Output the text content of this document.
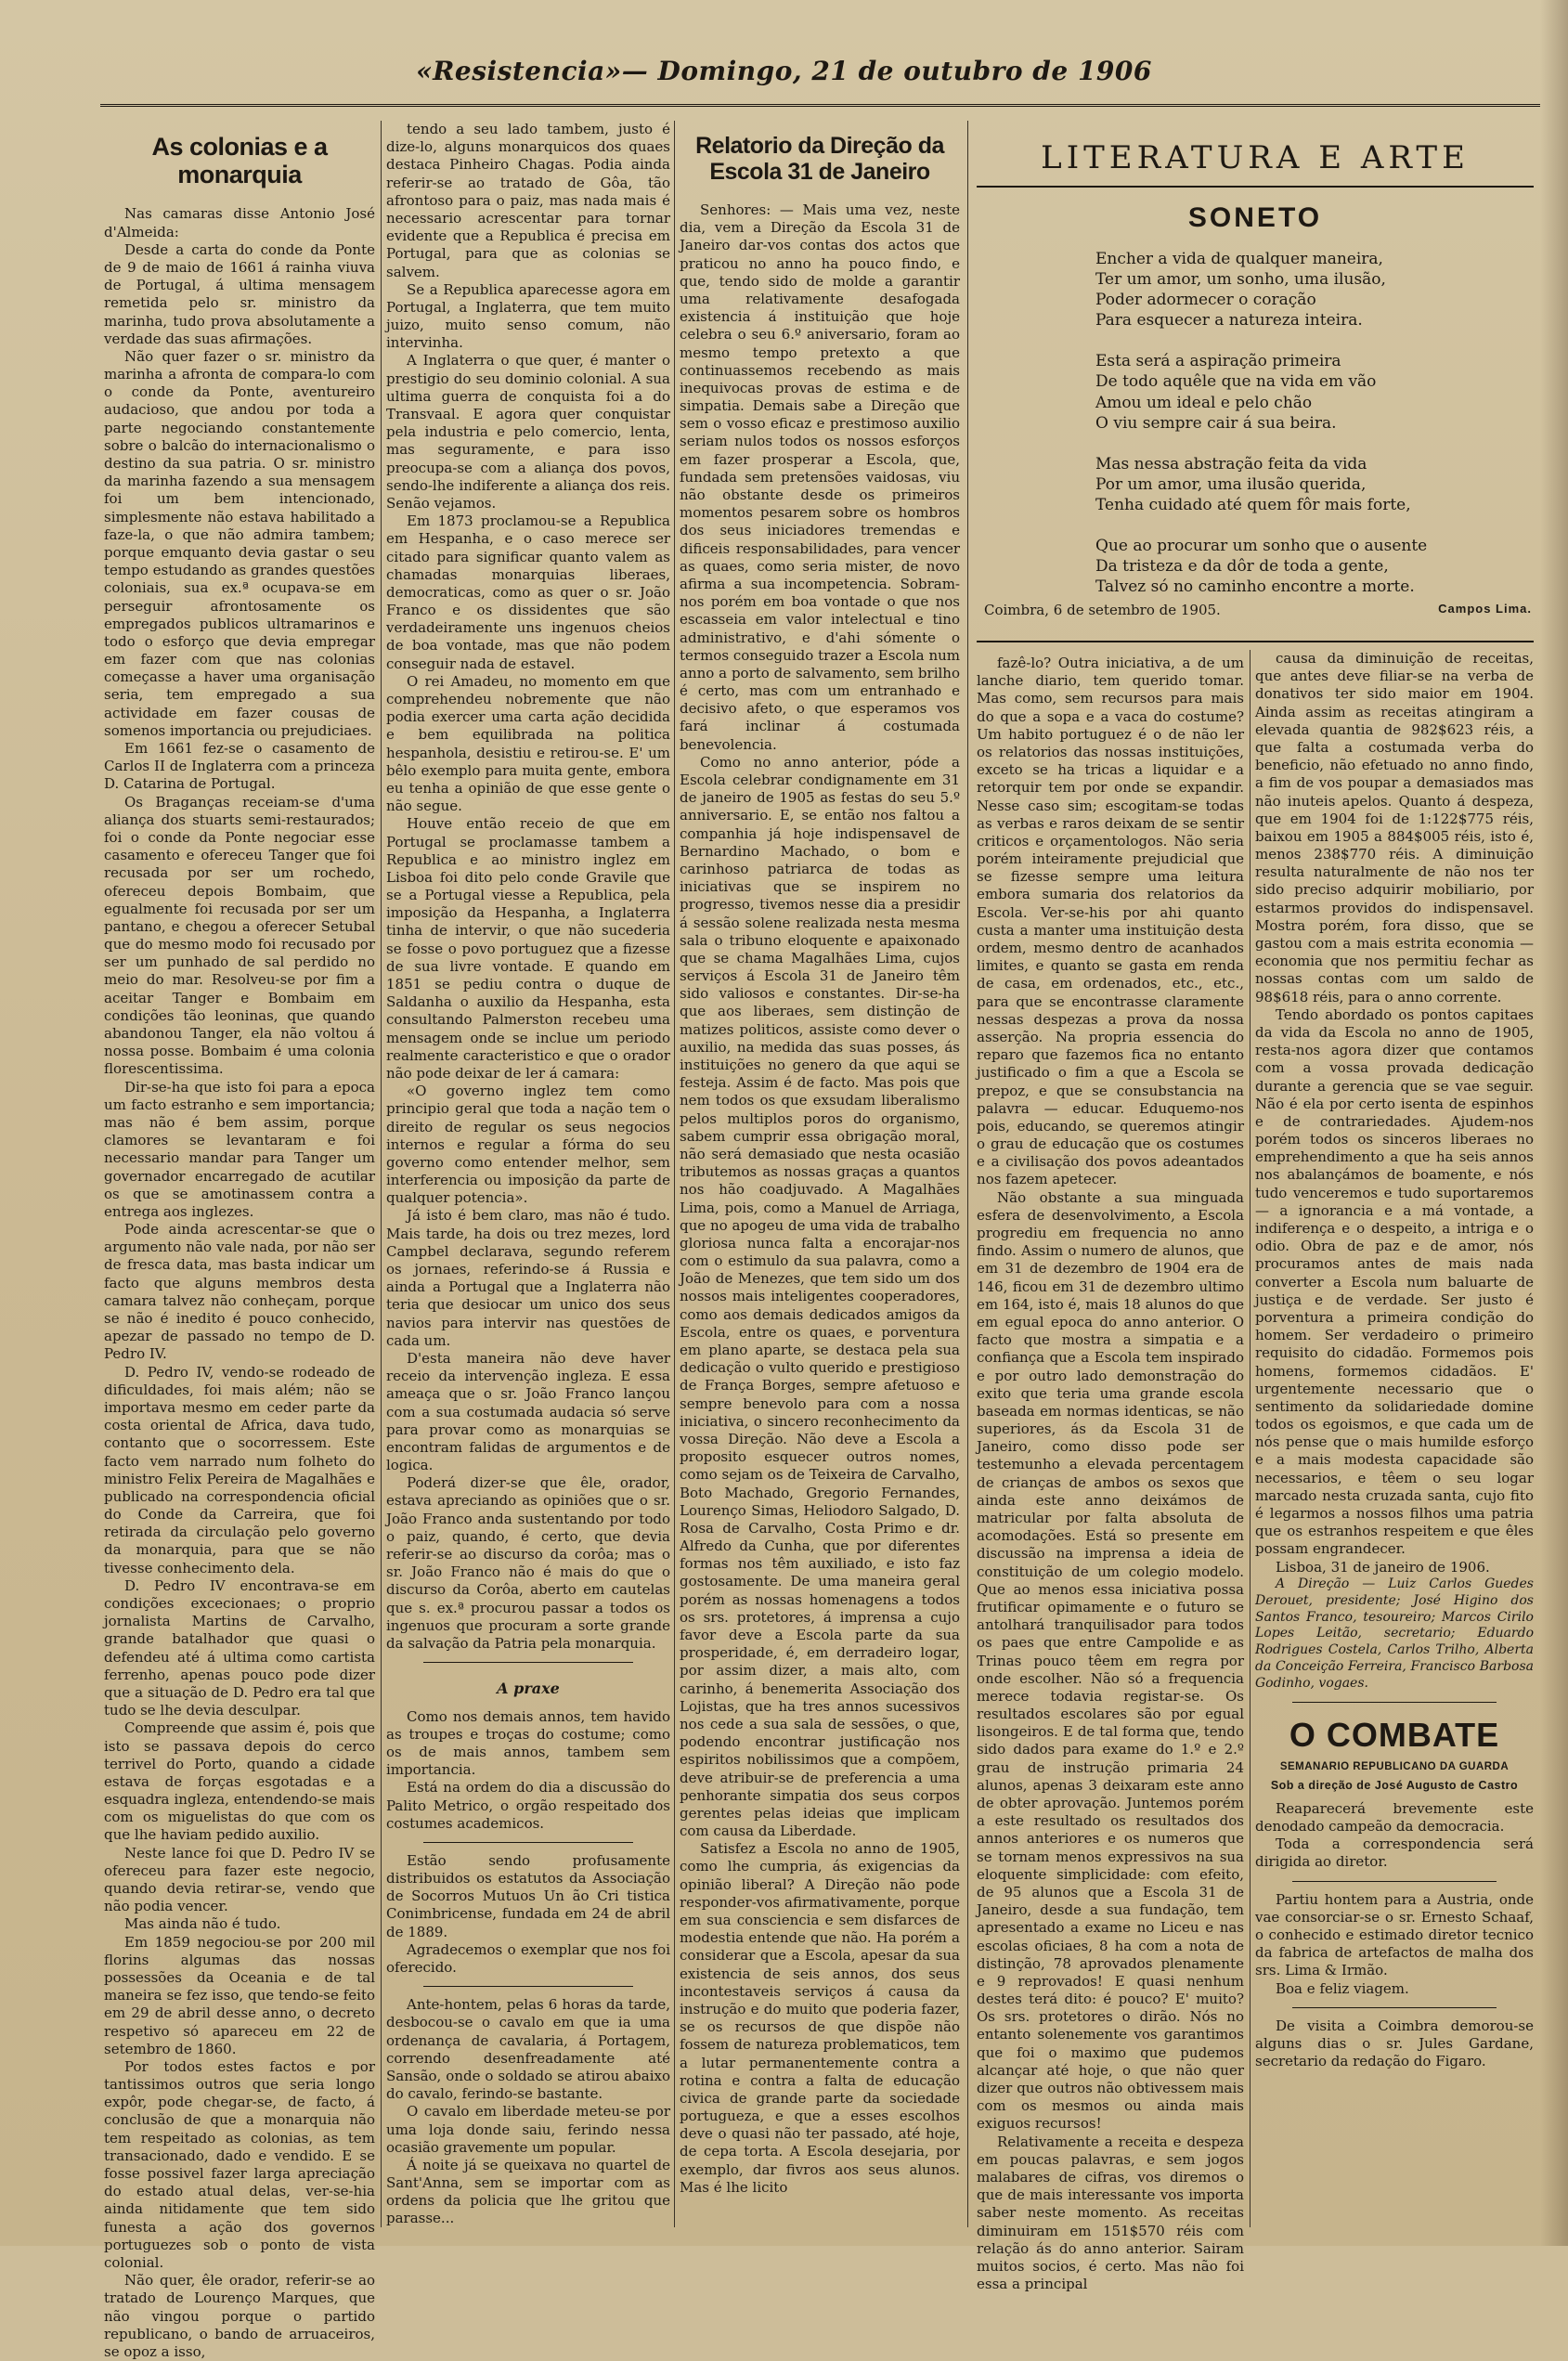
«Resistencia»— Domingo, 21 de outubro de 1906
As colonias e a monarquia

Nas camaras disse Antonio José d'Almeida:

Desde a carta do conde da Ponte de 9 de maio de 1661 á rainha viuva de Portugal, á ultima mensagem remetida pelo sr. ministro da marinha, tudo prova absolutamente a verdade das suas afirmações.

Não quer fazer o sr. ministro da marinha a afronta de compara-lo com o conde da Ponte, aventureiro audacioso, que andou por toda a parte negociando constantemente sobre o balcão do internacionalismo o destino da sua patria. O sr. ministro da marinha fazendo a sua mensagem foi um bem intencionado, simplesmente não estava habilitado a faze-la, o que não admira tambem; porque emquanto devia gastar o seu tempo estudando as grandes questões coloniais, sua ex.ª ocupava-se em perseguir afrontosamente os empregados publicos ultramarinos e todo o esforço que devia empregar em fazer com que nas colonias começasse a haver uma organisação seria, tem empregado a sua actividade em fazer cousas de somenos importancia ou prejudiciaes.

Em 1661 fez-se o casamento de Carlos II de Inglaterra com a princeza D. Catarina de Portugal.

Os Braganças receiam-se d'uma aliança dos stuarts semi-restaurados; foi o conde da Ponte negociar esse casamento e ofereceu Tanger que foi recusada por ser um rochedo, ofereceu depois Bombaim, que egualmente foi recusada por ser um pantano, e chegou a oferecer Setubal que do mesmo modo foi recusado por ser um punhado de sal perdido no meio do mar. Resolveu-se por fim a aceitar Tanger e Bombaim em condições tão leoninas, que quando abandonou Tanger, ela não voltou á nossa posse. Bombaim é uma colonia florescentissima.

Dir-se-ha que isto foi para a epoca um facto estranho e sem importancia; mas não é bem assim, porque clamores se levantaram e foi necessario mandar para Tanger um governador encarregado de acutilar os que se amotinassem contra a entrega aos inglezes.

Pode ainda acrescentar-se que o argumento não vale nada, por não ser de fresca data, mas basta indicar um facto que alguns membros desta camara talvez não conheçam, porque se não é inedito é pouco conhecido, apezar de passado no tempo de D. Pedro IV.

D. Pedro IV, vendo-se rodeado de dificuldades, foi mais além; não se importava mesmo em ceder parte da costa oriental de Africa, dava tudo, contanto que o socorressem. Este facto vem narrado num folheto do ministro Felix Pereira de Magalhães e publicado na correspondencia oficial do Conde da Carreira, que foi retirada da circulação pelo governo da monarquia, para que se não tivesse conhecimento dela.

D. Pedro IV encontrava-se em condições excecionaes; o proprio jornalista Martins de Carvalho, grande batalhador que quasi o defendeu até á ultima como cartista ferrenho, apenas pouco pode dizer que a situação de D. Pedro era tal que tudo se lhe devia desculpar.

Compreende que assim é, pois que isto se passava depois do cerco terrivel do Porto, quando a cidade estava de forças esgotadas e a esquadra ingleza, entendendo-se mais com os miguelistas do que com os que lhe haviam pedido auxilio.

Neste lance foi que D. Pedro IV se ofereceu para fazer este negocio, quando devia retirar-se, vendo que não podia vencer.

Mas ainda não é tudo.

Em 1859 negociou-se por 200 mil florins algumas das nossas possessões da Oceania e de tal maneira se fez isso, que tendo-se feito em 29 de abril desse anno, o decreto respetivo só apareceu em 22 de setembro de 1860.

Por todos estes factos e por tantissimos outros que seria longo expôr, pode chegar-se, de facto, á conclusão de que a monarquia não tem respeitado as colonias, as tem transacionado, dado e vendido. E se fosse possivel fazer larga apreciação do estado atual delas, ver-se-hia ainda nitidamente que tem sido funesta a ação dos governos portuguezes sob o ponto de vista colonial.

Não quer, êle orador, referir-se ao tratado de Lourenço Marques, que não vingou porque o partido republicano, o bando de arruaceiros, se opoz a isso,

tendo a seu lado tambem, justo é dize-lo, alguns monarquicos dos quaes destaca Pinheiro Chagas. Podia ainda referir-se ao tratado de Gôa, tão afrontoso para o paiz, mas nada mais é necessario acrescentar para tornar evidente que a Republica é precisa em Portugal, para que as colonias se salvem.

Se a Republica aparecesse agora em Portugal, a Inglaterra, que tem muito juizo, muito senso comum, não intervinha.

A Inglaterra o que quer, é manter o prestigio do seu dominio colonial. A sua ultima guerra de conquista foi a do Transvaal. E agora quer conquistar pela industria e pelo comercio, lenta, mas seguramente, e para isso preocupa-se com a aliança dos povos, sendo-lhe indiferente a aliança dos reis. Senão vejamos.

Em 1873 proclamou-se a Republica em Hespanha, e o caso merece ser citado para significar quanto valem as chamadas monarquias liberaes, democraticas, como as quer o sr. João Franco e os dissidentes que são verdadeiramente uns ingenuos cheios de boa vontade, mas que não podem conseguir nada de estavel.

O rei Amadeu, no momento em que comprehendeu nobremente que não podia exercer uma carta ação decidida e bem equilibrada na politica hespanhola, desistiu e retirou-se. E' um bêlo exemplo para muita gente, embora eu tenha a opinião de que esse gente o não segue.

Houve então receio de que em Portugal se proclamasse tambem a Republica e ao ministro inglez em Lisboa foi dito pelo conde Gravile que se a Portugal viesse a Republica, pela imposição da Hespanha, a Inglaterra tinha de intervir, o que não sucederia se fosse o povo portuguez que a fizesse de sua livre vontade. E quando em 1851 se pediu contra o duque de Saldanha o auxilio da Hespanha, esta consultando Palmerston recebeu uma mensagem onde se inclue um periodo realmente caracteristico e que o orador não pode deixar de ler á camara:

«O governo inglez tem como principio geral que toda a nação tem o direito de regular os seus negocios internos e regular a fórma do seu governo como entender melhor, sem interferencia ou imposição da parte de qualquer potencia».

Já isto é bem claro, mas não é tudo. Mais tarde, ha dois ou trez mezes, lord Campbel declarava, segundo referem os jornaes, referindo-se á Russia e ainda a Portugal que a Inglaterra não teria que desiocar um unico dos seus navios para intervir nas questões de cada um.

D'esta maneira não deve haver receio da intervenção ingleza. E essa ameaça que o sr. João Franco lançou com a sua costumada audacia só serve para provar como as monarquias se encontram falidas de argumentos e de logica.

Poderá dizer-se que êle, orador, estava apreciando as opiniões que o sr. João Franco anda sustentando por todo o paiz, quando, é certo, que devia referir-se ao discurso da corôa; mas o sr. João Franco não é mais do que o discurso da Corôa, aberto em cautelas que s. ex.ª procurou passar a todos os ingenuos que procuram a sorte grande da salvação da Patria pela monarquia.

A praxe

Como nos demais annos, tem havido as troupes e troças do costume; como os de mais annos, tambem sem importancia.

Está na ordem do dia a discussão do Palito Metrico, o orgão respeitado dos costumes academicos.

Estão sendo profusamente distribuidos os estatutos da Associação de Socorros Mutuos Un ão Cri tistica Conimbricense, fundada em 24 de abril de 1889.

Agradecemos o exemplar que nos foi oferecido.

Ante-hontem, pelas 6 horas da tarde, desbocou-se o cavalo em que ia uma ordenança de cavalaria, á Portagem, correndo desenfreadamente até Sansão, onde o soldado se atirou abaixo do cavalo, ferindo-se bastante.

O cavalo em liberdade meteu-se por uma loja donde saiu, ferindo nessa ocasião gravemente um popular.

Á noite já se queixava no quartel de Sant'Anna, sem se importar com as ordens da policia que lhe gritou que parasse...

Relatorio da Direção da Escola 31 de Janeiro

Senhores: — Mais uma vez, neste dia, vem a Direção da Escola 31 de Janeiro dar-vos contas dos actos que praticou no anno ha pouco findo, e que, tendo sido de molde a garantir uma relativamente desafogada existencia á instituição que hoje celebra o seu 6.º aniversario, foram ao mesmo tempo pretexto a que continuassemos recebendo as mais inequivocas provas de estima e de simpatia. Demais sabe a Direção que sem o vosso eficaz e prestimoso auxilio seriam nulos todos os nossos esforços em fazer prosperar a Escola, que, fundada sem pretensões vaidosas, viu não obstante desde os primeiros momentos pesarem sobre os hombros dos seus iniciadores tremendas e dificeis responsabilidades, para vencer as quaes, como seria mister, de novo afirma a sua incompetencia. Sobram-nos porém em boa vontade o que nos escasseia em valor intelectual e tino administrativo, e d'ahi sómente o termos conseguido trazer a Escola num anno a porto de salvamento, sem brilho é certo, mas com um entranhado e decisivo afeto, o que esperamos vos fará inclinar á costumada benevolencia.

Como no anno anterior, póde a Escola celebrar condignamente em 31 de janeiro de 1905 as festas do seu 5.º anniversario. E, se então nos faltou a companhia já hoje indispensavel de Bernardino Machado, o bom e carinhoso patriarca de todas as iniciativas que se inspirem no progresso, tivemos nesse dia a presidir á sessão solene realizada nesta mesma sala o tribuno eloquente e apaixonado que se chama Magalhães Lima, cujos serviços á Escola 31 de Janeiro têm sido valiosos e constantes. Dir-se-ha que aos liberaes, sem distinção de matizes politicos, assiste como dever o auxilio, na medida das suas posses, ás instituições no genero da que aqui se festeja. Assim é de facto. Mas pois que nem todos os que exsudam liberalismo pelos multiplos poros do organismo, sabem cumprir essa obrigação moral, não será demasiado que nesta ocasião tributemos as nossas graças a quantos nos hão coadjuvado. A Magalhães Lima, pois, como a Manuel de Arriaga, que no apogeu de uma vida de trabalho gloriosa nunca falta a encorajar-nos com o estimulo da sua palavra, como a João de Menezes, que tem sido um dos nossos mais inteligentes cooperadores, como aos demais dedicados amigos da Escola, entre os quaes, e porventura em plano aparte, se destaca pela sua dedicação o vulto querido e prestigioso de França Borges, sempre afetuoso e sempre benevolo para com a nossa iniciativa, o sincero reconhecimento da vossa Direção. Não deve a Escola a proposito esquecer outros nomes, como sejam os de Teixeira de Carvalho, Boto Machado, Gregorio Fernandes, Lourenço Simas, Heliodoro Salgado, D. Rosa de Carvalho, Costa Primo e dr. Alfredo da Cunha, que por diferentes formas nos têm auxiliado, e isto faz gostosamente. De uma maneira geral porém as nossas homenagens a todos os srs. protetores, á imprensa a cujo favor deve a Escola parte da sua prosperidade, é, em derradeiro logar, por assim dizer, a mais alto, com carinho, á benemerita Associação dos Lojistas, que ha tres annos sucessivos nos cede a sua sala de sessões, o que, podendo encontrar justificação nos espiritos nobilissimos que a compõem, deve atribuir-se de preferencia a uma penhorante simpatia dos seus corpos gerentes pelas ideias que implicam com causa da Liberdade.

Satisfez a Escola no anno de 1905, como lhe cumpria, ás exigencias da opinião liberal? A Direção não pode responder-vos afirmativamente, porque em sua consciencia e sem disfarces de modestia entende que não. Ha porém a considerar que a Escola, apesar da sua existencia de seis annos, dos seus incontestaveis serviços á causa da instrução e do muito que poderia fazer, se os recursos de que dispõe não fossem de natureza problematicos, tem a lutar permanentemente contra a rotina e contra a falta de educação civica de grande parte da sociedade portugueza, e que a esses escolhos deve o quasi não ter passado, até hoje, de cepa torta. A Escola desejaria, por exemplo, dar fivros aos seus alunos. Mas é lhe licito

LITERATURA E ARTE
SONETO
Encher a vida de qualquer maneira,
Ter um amor, um sonho, uma ilusão,
Poder adormecer o coração
Para esquecer a natureza inteira.
Esta será a aspiração primeira
De todo aquêle que na vida em vão
Amou um ideal e pelo chão
O viu sempre cair á sua beira.
Mas nessa abstração feita da vida
Por um amor, uma ilusão querida,
Tenha cuidado até quem fôr mais forte,
Que ao procurar um sonho que o ausente
Da tristeza e da dôr de toda a gente,
Talvez só no caminho encontre a morte.
Coimbra, 6 de setembro de 1905.	Campos Lima.

fazê-lo? Outra iniciativa, a de um lanche diario, tem querido tomar. Mas como, sem recursos para mais do que a sopa e a vaca do costume? Um habito portuguez é o de não ler os relatorios das nossas instituições, exceto se ha tricas a liquidar e a retorquir tem por onde se expandir. Nesse caso sim; escogitam-se todas as verbas e raros deixam de se sentir criticos e orçamentologos. Não seria porém inteiramente prejudicial que se fizesse sempre uma leitura embora sumaria dos relatorios da Escola. Ver-se-his por ahi quanto custa a manter uma instituição desta ordem, mesmo dentro de acanhados limites, e quanto se gasta em renda de casa, em ordenados, etc., etc., para que se encontrasse claramente nessas despezas a prova da nossa asserção. Na propria essencia do reparo que fazemos fica no entanto justificado o fim a que a Escola se prepoz, e que se consubstancia na palavra — educar. Eduquemo-nos pois, educando, se queremos atingir o grau de educação que os costumes e a civilisação dos povos adeantados nos fazem apetecer.

Não obstante a sua minguada esfera de desenvolvimento, a Escola progrediu em frequencia no anno findo. Assim o numero de alunos, que em 31 de dezembro de 1904 era de 146, ficou em 31 de dezembro ultimo em 164, isto é, mais 18 alunos do que em egual epoca do anno anterior. O facto que mostra a simpatia e a confiança que a Escola tem inspirado e por outro lado demonstração do exito que teria uma grande escola baseada em normas identicas, se não superiores, ás da Escola 31 de Janeiro, como disso pode ser testemunho a elevada percentagem de crianças de ambos os sexos que ainda este anno deixámos de matricular por falta absoluta de acomodações. Está so presente em discussão na imprensa a ideia de constituição de um colegio modelo. Que ao menos essa iniciativa possa frutificar opimamente e o futuro se antolhará tranquilisador para todos os paes que entre Campolide e as Trinas pouco têem em regra por onde escolher. Não só a frequencia merece todavia registar-se. Os resultados escolares são por egual lisongeiros. E de tal forma que, tendo sido dados para exame do 1.º e 2.º grau de instrução primaria 24 alunos, apenas 3 deixaram este anno de obter aprovação. Juntemos porém a este resultado os resultados dos annos anteriores e os numeros que se tornam menos expressivos na sua eloquente simplicidade: com efeito, de 95 alunos que a Escola 31 de Janeiro, desde a sua fundação, tem apresentado a exame no Liceu e nas escolas oficiaes, 8 ha com a nota de distinção, 78 aprovados plenamente e 9 reprovados! E quasi nenhum destes terá dito: é pouco? E' muito? Os srs. protetores o dirão. Nós no entanto solenemente vos garantimos que foi o maximo que pudemos alcançar até hoje, o que não quer dizer que outros não obtivessem mais com os mesmos ou ainda mais exiguos recursos!

Relativamente a receita e despeza em poucas palavras, e sem jogos malabares de cifras, vos diremos o que de mais interessante vos importa saber neste momento. As receitas diminuiram em 151$570 réis com relação ás do anno anterior. Sairam muitos socios, é certo. Mas não foi essa a principal

causa da diminuição de receitas, que antes deve filiar-se na verba de donativos ter sido maior em 1904. Ainda assim as receitas atingiram a elevada quantia de 982$623 réis, a que falta a costumada verba do beneficio, não efetuado no anno findo, a fim de vos poupar a demasiados mas não inuteis apelos. Quanto á despeza, que em 1904 foi de 1:122$775 réis, baixou em 1905 a 884$005 réis, isto é, menos 238$770 réis. A diminuição resulta naturalmente de não nos ter sido preciso adquirir mobiliario, por estarmos providos do indispensavel. Mostra porém, fora disso, que se gastou com a mais estrita economia — economia que nos permitiu fechar as nossas contas com um saldo de 98$618 réis, para o anno corrente.

Tendo abordado os pontos capitaes da vida da Escola no anno de 1905, resta-nos agora dizer que contamos com a vossa provada dedicação durante a gerencia que se vae seguir. Não é ela por certo isenta de espinhos e de contrariedades. Ajudem-nos porém todos os sinceros liberaes no emprehendimento a que ha seis annos nos abalançámos de boamente, e nós tudo venceremos e tudo suportaremos — a ignorancia e a má vontade, a indiferença e o despeito, a intriga e o odio. Obra de paz e de amor, nós procuramos antes de mais nada converter a Escola num baluarte de justiça e de verdade. Ser justo é porventura a primeira condição do homem. Ser verdadeiro o primeiro requisito do cidadão. Formemos pois homens, formemos cidadãos. E' urgentemente necessario que o sentimento da solidariedade domine todos os egoismos, e que cada um de nós pense que o mais humilde esforço e a mais modesta capacidade são necessarios, e têem o seu logar marcado nesta cruzada santa, cujo fito é legarmos a nossos filhos uma patria que os estranhos respeitem e que êles possam engrandecer.

Lisboa, 31 de janeiro de 1906.

A Direção — Luiz Carlos Guedes Derouet, presidente; José Higino dos Santos Franco, tesoureiro; Marcos Cirilo Lopes Leitão, secretario; Eduardo Rodrigues Costela, Carlos Trilho, Alberta da Conceição Ferreira, Francisco Barbosa Godinho, vogaes.

O COMBATE
SEMANARIO REPUBLICANO DA GUARDA
Sob a direção de José Augusto de Castro

Reaparecerá brevemente este denodado campeão da democracia.

Toda a correspondencia será dirigida ao diretor.

Partiu hontem para a Austria, onde vae consorciar-se o sr. Ernesto Schaaf, o conhecido e estimado diretor tecnico da fabrica de artefactos de malha dos srs. Lima & Irmão.

Boa e feliz viagem.

De visita a Coimbra demorou-se alguns dias o sr. Jules Gardane, secretario da redação do Figaro.
